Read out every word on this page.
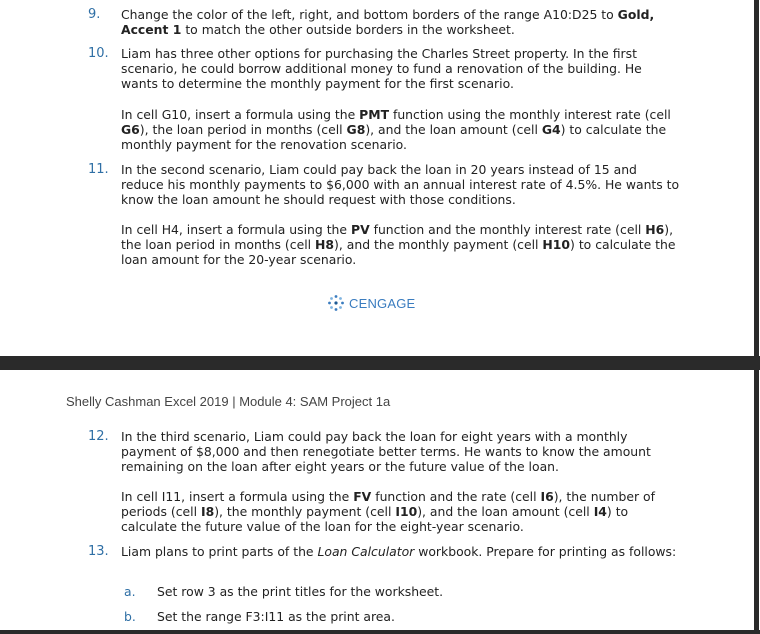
9. Change the color of the left, right, and bottom borders of the range A10:D25 to Gold,
Accent 1 to match the other outside borders in the worksheet.
10. Liam has three other options for purchasing the Charles Street property. In the first scenario, he could borrow additional money to fund a renovation of the building. He wants to determine the monthly payment for the first scenario.
In cell G10, insert a formula using the PMT function using the monthly interest rate (cell G6), the loan period in months (cell G8), and the loan amount (cell G4) to calculate the monthly payment for the renovation scenario.
11. In the second scenario, Liam could pay back the loan in 20 years instead of 15 and reduce his monthly payments to $6,000 with an annual interest rate of 4.5%. He wants to know the loan amount he should request with those conditions.
In cell H4, insert a formula using the PV function and the monthly interest rate (cell H6), the loan period in months (cell H8), and the monthly payment (cell H10) to calculate the loan amount for the 20-year scenario.
CENGAGE
Shelly Cashman Excel 2019 | Module 4: SAM Project 1a
12. In the third scenario, Liam could pay back the loan for eight years with a monthly payment of $8,000 and then renegotiate better terms. He wants to know the amount remaining on the loan after eight years or the future value of the loan.
In cell I11, insert a formula using the FV function and the rate (cell I6), the number of periods (cell I8), the monthly payment (cell I10), and the loan amount (cell I4) to calculate the future value of the loan for the eight-year scenario.
13. Liam plans to print parts of the Loan Calculator workbook. Prepare for printing as follows:
a. Set row 3 as the print titles for the worksheet.
b. Set the range F3:I11 as the print area.
